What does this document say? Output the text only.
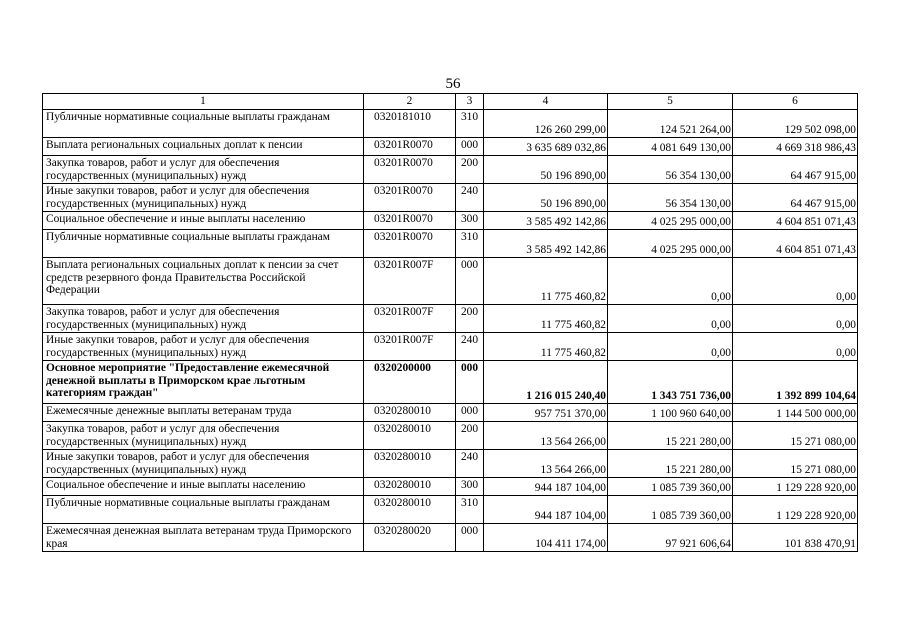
56
1	2	3	4	5	6
Публичные нормативные социальные выплаты гражданам	0320181010	310	126 260 299,00	124 521 264,00	129 502 098,00
Выплата региональных социальных доплат к пенсии	03201R0070	000	3 635 689 032,86	4 081 649 130,00	4 669 318 986,43
Закупка товаров, работ и услуг для обеспечения государственных (муниципальных) нужд	03201R0070	200	50 196 890,00	56 354 130,00	64 467 915,00
Иные закупки товаров, работ и услуг для обеспечения государственных (муниципальных) нужд	03201R0070	240	50 196 890,00	56 354 130,00	64 467 915,00
Социальное обеспечение и иные выплаты населению	03201R0070	300	3 585 492 142,86	4 025 295 000,00	4 604 851 071,43
Публичные нормативные социальные выплаты гражданам	03201R0070	310	3 585 492 142,86	4 025 295 000,00	4 604 851 071,43
Выплата региональных социальных доплат к пенсии за счет средств резервного фонда Правительства Российской Федерации	03201R007F	000	11 775 460,82	0,00	0,00
Закупка товаров, работ и услуг для обеспечения государственных (муниципальных) нужд	03201R007F	200	11 775 460,82	0,00	0,00
Иные закупки товаров, работ и услуг для обеспечения государственных (муниципальных) нужд	03201R007F	240	11 775 460,82	0,00	0,00
Основное мероприятие "Предоставление ежемесячной денежной выплаты в Приморском крае льготным категориям граждан"	0320200000	000	1 216 015 240,40	1 343 751 736,00	1 392 899 104,64
Ежемесячные денежные выплаты ветеранам труда	0320280010	000	957 751 370,00	1 100 960 640,00	1 144 500 000,00
Закупка товаров, работ и услуг для обеспечения государственных (муниципальных) нужд	0320280010	200	13 564 266,00	15 221 280,00	15 271 080,00
Иные закупки товаров, работ и услуг для обеспечения государственных (муниципальных) нужд	0320280010	240	13 564 266,00	15 221 280,00	15 271 080,00
Социальное обеспечение и иные выплаты населению	0320280010	300	944 187 104,00	1 085 739 360,00	1 129 228 920,00
Публичные нормативные социальные выплаты гражданам	0320280010	310	944 187 104,00	1 085 739 360,00	1 129 228 920,00
Ежемесячная денежная выплата ветеранам труда Приморского края	0320280020	000	104 411 174,00	97 921 606,64	101 838 470,91
